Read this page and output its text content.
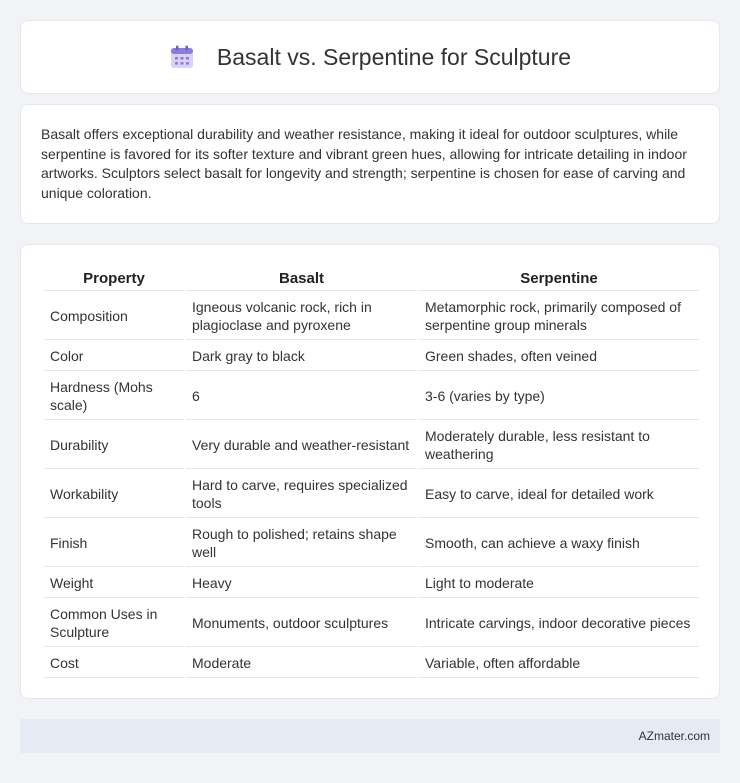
Basalt vs. Serpentine for Sculpture

Basalt offers exceptional durability and weather resistance, making it ideal for outdoor sculptures, while serpentine is favored for its softer texture and vibrant green hues, allowing for intricate detailing in indoor artworks. Sculptors select basalt for longevity and strength; serpentine is chosen for ease of carving and unique coloration.

Property	Basalt	Serpentine
Composition	Igneous volcanic rock, rich in plagioclase and pyroxene	Metamorphic rock, primarily composed of serpentine group minerals
Color	Dark gray to black	Green shades, often veined
Hardness (Mohs scale)	6	3-6 (varies by type)
Durability	Very durable and weather-resistant	Moderately durable, less resistant to weathering
Workability	Hard to carve, requires specialized tools	Easy to carve, ideal for detailed work
Finish	Rough to polished; retains shape well	Smooth, can achieve a waxy finish
Weight	Heavy	Light to moderate
Common Uses in Sculpture	Monuments, outdoor sculptures	Intricate carvings, indoor decorative pieces
Cost	Moderate	Variable, often affordable
AZmater.com
